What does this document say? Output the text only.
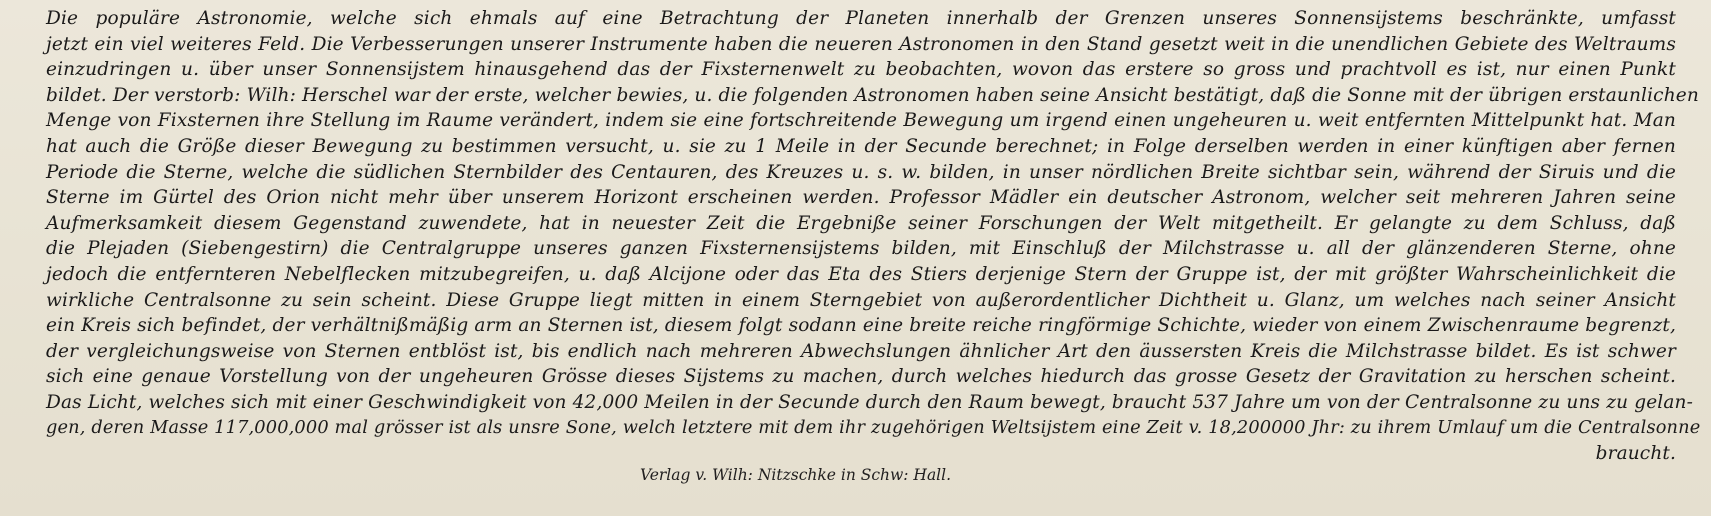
Die populäre Astronomie, welche sich ehmals auf eine Betrachtung der Planeten innerhalb der Grenzen unseres Sonnensijstems beschränkte, umfasst
jetzt ein viel weiteres Feld. Die Verbesserungen unserer Instrumente haben die neueren Astronomen in den Stand gesetzt weit in die unendlichen Gebiete des Weltraums
einzudringen u. über unser Sonnensijstem hinausgehend das der Fixsternenwelt zu beobachten, wovon das erstere so gross und prachtvoll es ist, nur einen Punkt
bildet. Der verstorb: Wilh: Herschel war der erste, welcher bewies, u. die folgenden Astronomen haben seine Ansicht bestätigt, daß die Sonne mit der übrigen erstaunlichen
Menge von Fixsternen ihre Stellung im Raume verändert, indem sie eine fortschreitende Bewegung um irgend einen ungeheuren u. weit entfernten Mittelpunkt hat. Man
hat auch die Größe dieser Bewegung zu bestimmen versucht, u. sie zu 1 Meile in der Secunde berechnet; in Folge derselben werden in einer künftigen aber fernen
Periode die Sterne, welche die südlichen Sternbilder des Centauren, des Kreuzes u. s. w. bilden, in unser nördlichen Breite sichtbar sein, während der Siruis und die
Sterne im Gürtel des Orion nicht mehr über unserem Horizont erscheinen werden. Professor Mädler ein deutscher Astronom, welcher seit mehreren Jahren seine
Aufmerksamkeit diesem Gegenstand zuwendete, hat in neuester Zeit die Ergebniße seiner Forschungen der Welt mitgetheilt. Er gelangte zu dem Schluss, daß
die Plejaden (Siebengestirn) die Centralgruppe unseres ganzen Fixsternensijstems bilden, mit Einschluß der Milchstrasse u. all der glänzenderen Sterne, ohne
jedoch die entfernteren Nebelflecken mitzubegreifen, u. daß Alcijone oder das Eta des Stiers derjenige Stern der Gruppe ist, der mit größter Wahrscheinlichkeit die
wirkliche Centralsonne zu sein scheint. Diese Gruppe liegt mitten in einem Sterngebiet von außerordentlicher Dichtheit u. Glanz, um welches nach seiner Ansicht
ein Kreis sich befindet, der verhältnißmäßig arm an Sternen ist, diesem folgt sodann eine breite reiche ringförmige Schichte, wieder von einem Zwischenraume begrenzt,
der vergleichungsweise von Sternen entblöst ist, bis endlich nach mehreren Abwechslungen ähnlicher Art den äussersten Kreis die Milchstrasse bildet. Es ist schwer
sich eine genaue Vorstellung von der ungeheuren Grösse dieses Sijstems zu machen, durch welches hiedurch das grosse Gesetz der Gravitation zu herschen scheint.
Das Licht, welches sich mit einer Geschwindigkeit von 42,000 Meilen in der Secunde durch den Raum bewegt, braucht 537 Jahre um von der Centralsonne zu uns zu gelan-
gen, deren Masse 117,000,000 mal grösser ist als unsre Sone, welch letztere mit dem ihr zugehörigen Weltsijstem eine Zeit v. 18,200000 Jhr: zu ihrem Umlauf um die Centralsonne
braucht.
Verlag v. Wilh: Nitzschke in Schw: Hall.
